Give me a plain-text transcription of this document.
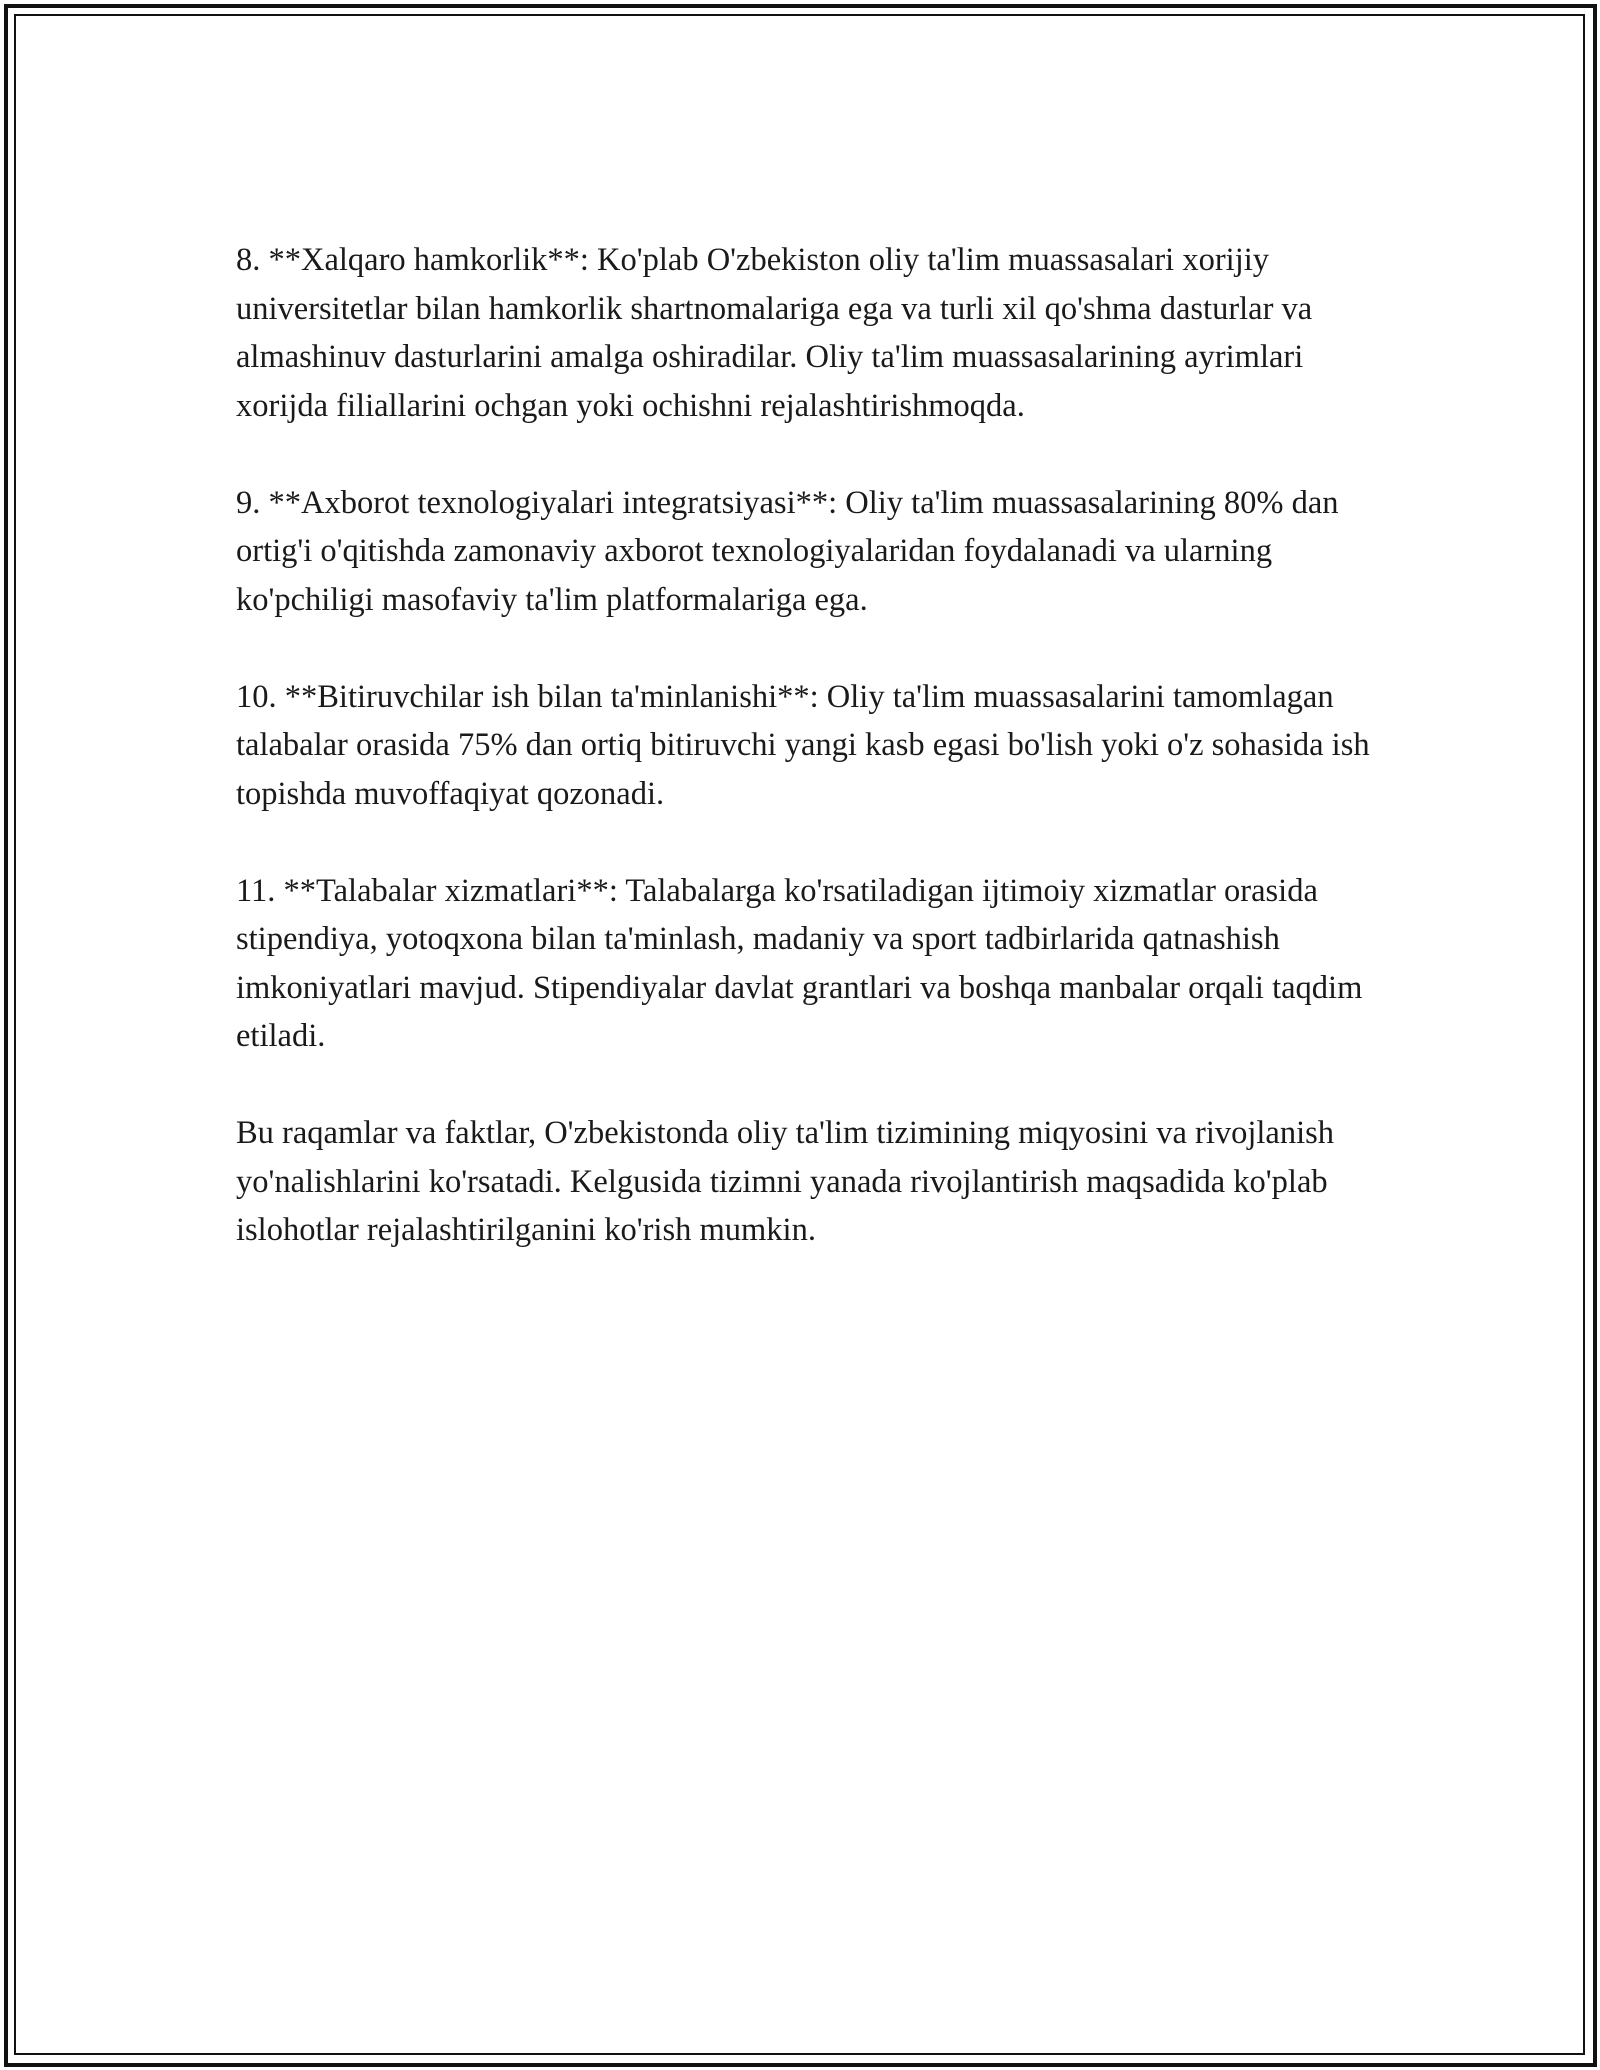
8. **Xalqaro hamkorlik**: Ko'plab O'zbekiston oliy ta'lim muassasalari xorijiy universitetlar bilan hamkorlik shartnomalariga ega va turli xil qo'shma dasturlar va almashinuv dasturlarini amalga oshiradilar. Oliy ta'lim muassasalarining ayrimlari xorijda filiallarini ochgan yoki ochishni rejalashtirishmoqda.

9. **Axborot texnologiyalari integratsiyasi**: Oliy ta'lim muassasalarining 80% dan ortig'i o'qitishda zamonaviy axborot texnologiyalaridan foydalanadi va ularning ko'pchiligi masofaviy ta'lim platformalariga ega.

10. **Bitiruvchilar ish bilan ta'minlanishi**: Oliy ta'lim muassasalarini tamomlagan talabalar orasida 75% dan ortiq bitiruvchi yangi kasb egasi bo'lish yoki o'z sohasida ish topishda muvoffaqiyat qozonadi.

11. **Talabalar xizmatlari**: Talabalarga ko'rsatiladigan ijtimoiy xizmatlar orasida stipendiya, yotoqxona bilan ta'minlash, madaniy va sport tadbirlarida qatnashish imkoniyatlari mavjud. Stipendiyalar davlat grantlari va boshqa manbalar orqali taqdim etiladi.

Bu raqamlar va faktlar, O'zbekistonda oliy ta'lim tizimining miqyosini va rivojlanish yo'nalishlarini ko'rsatadi. Kelgusida tizimni yanada rivojlantirish maqsadida ko'plab islohotlar rejalashtirilganini ko'rish mumkin.
